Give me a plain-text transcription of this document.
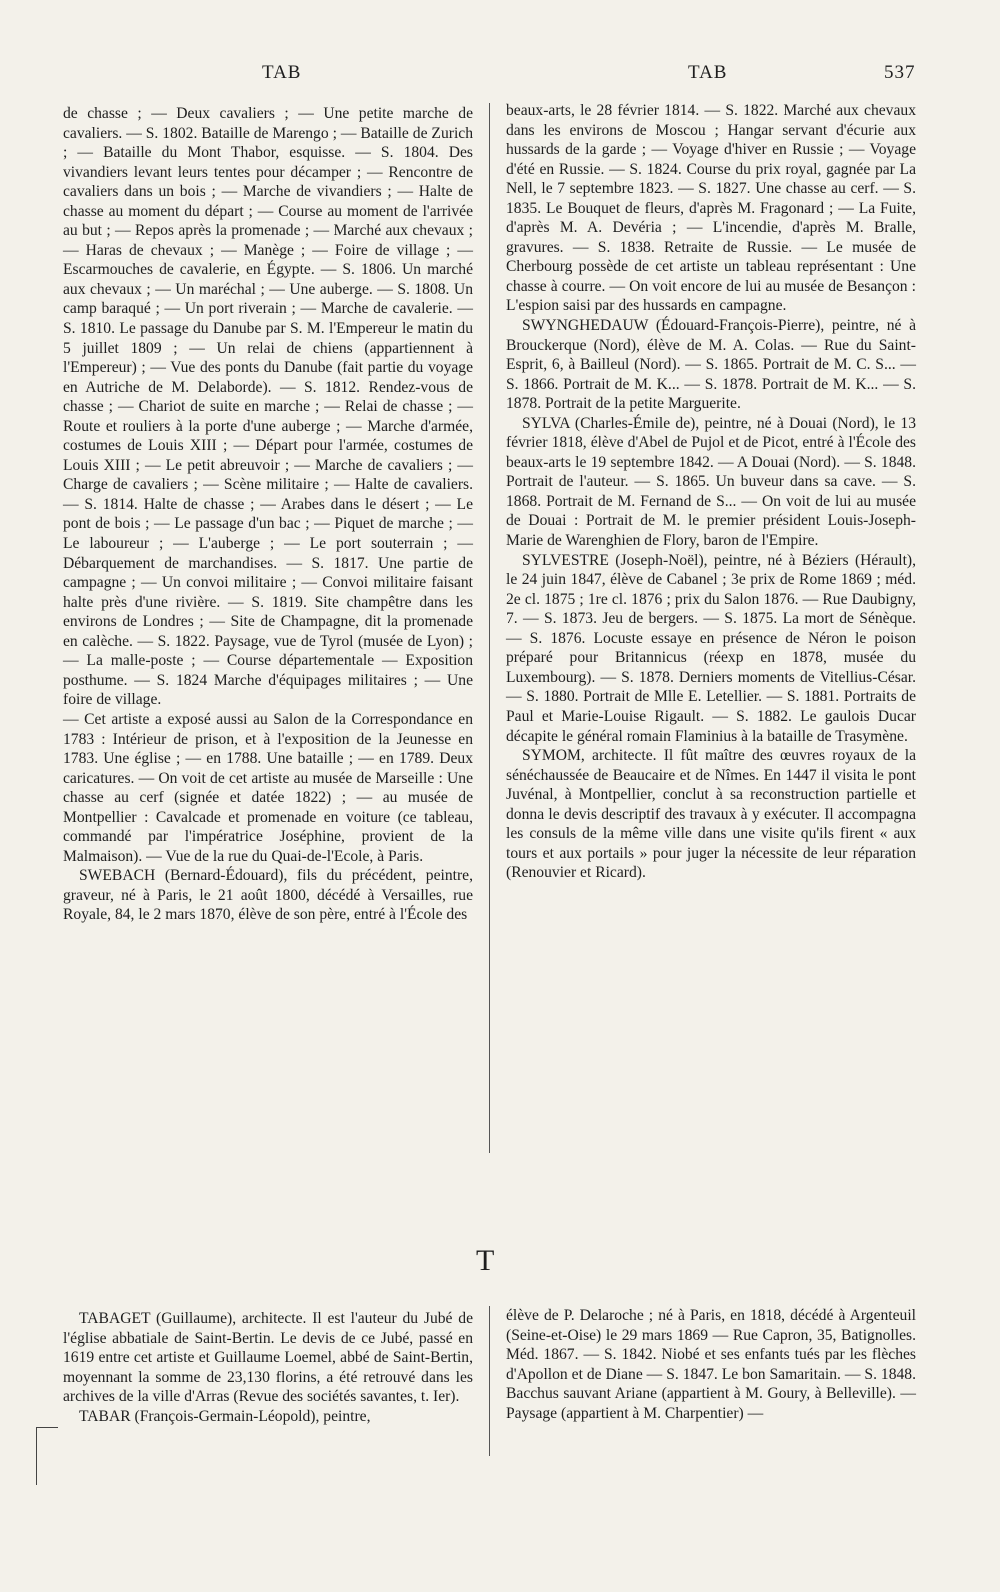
TAB	TAB	537

de chasse ; — Deux cavaliers ; — Une petite marche de cavaliers. — S. 1802. Bataille de Marengo ; — Bataille de Zurich ; — Bataille du Mont Thabor, esquisse. — S. 1804. Des vivandiers levant leurs tentes pour décamper ; — Rencontre de cavaliers dans un bois ; — Marche de vivandiers ; — Halte de chasse au moment du départ ; — Course au moment de l'arrivée au but ; — Repos après la promenade ; — Marché aux chevaux ; — Haras de chevaux ; — Manège ; — Foire de village ; — Escarmouches de cavalerie, en Égypte. — S. 1806. Un marché aux chevaux ; — Un maréchal ; — Une auberge. — S. 1808. Un camp baraqué ; — Un port riverain ; — Marche de cavalerie. — S. 1810. Le passage du Danube par S. M. l'Empereur le matin du 5 juillet 1809 ; — Un relai de chiens (appartiennent à l'Empereur) ; — Vue des ponts du Danube (fait partie du voyage en Autriche de M. Delaborde). — S. 1812. Rendez-vous de chasse ; — Chariot de suite en marche ; — Relai de chasse ; — Route et rouliers à la porte d'une auberge ; — Marche d'armée, costumes de Louis XIII ; — Départ pour l'armée, costumes de Louis XIII ; — Le petit abreuvoir ; — Marche de cavaliers ; — Charge de cavaliers ; — Scène militaire ; — Halte de cavaliers. — S. 1814. Halte de chasse ; — Arabes dans le désert ; — Le pont de bois ; — Le passage d'un bac ; — Piquet de marche ; — Le laboureur ; — L'auberge ; — Le port souterrain ; — Débarquement de marchandises. — S. 1817. Une partie de campagne ; — Un convoi militaire ; — Convoi militaire faisant halte près d'une rivière. — S. 1819. Site champêtre dans les environs de Londres ; — Site de Champagne, dit la promenade en calèche. — S. 1822. Paysage, vue de Tyrol (musée de Lyon) ; — La malle-poste ; — Course départementale — Exposition posthume. — S. 1824 Marche d'équipages militaires ; — Une foire de village.

— Cet artiste a exposé aussi au Salon de la Correspondance en 1783 : Intérieur de prison, et à l'exposition de la Jeunesse en 1783. Une église ; — en 1788. Une bataille ; — en 1789. Deux caricatures. — On voit de cet artiste au musée de Marseille : Une chasse au cerf (signée et datée 1822) ; — au musée de Montpellier : Cavalcade et promenade en voiture (ce tableau, commandé par l'impératrice Joséphine, provient de la Malmaison). — Vue de la rue du Quai-de-l'Ecole, à Paris.

SWEBACH (Bernard-Édouard), fils du précédent, peintre, graveur, né à Paris, le 21 août 1800, décédé à Versailles, rue Royale, 84, le 2 mars 1870, élève de son père, entré à l'École des

beaux-arts, le 28 février 1814. — S. 1822. Marché aux chevaux dans les environs de Moscou ; Hangar servant d'écurie aux hussards de la garde ; — Voyage d'hiver en Russie ; — Voyage d'été en Russie. — S. 1824. Course du prix royal, gagnée par La Nell, le 7 septembre 1823. — S. 1827. Une chasse au cerf. — S. 1835. Le Bouquet de fleurs, d'après M. Fragonard ; — La Fuite, d'après M. A. Devéria ; — L'incendie, d'après M. Bralle, gravures. — S. 1838. Retraite de Russie. — Le musée de Cherbourg possède de cet artiste un tableau représentant : Une chasse à courre. — On voit encore de lui au musée de Besançon : L'espion saisi par des hussards en campagne.

SWYNGHEDAUW (Édouard-François-Pierre), peintre, né à Brouckerque (Nord), élève de M. A. Colas. — Rue du Saint-Esprit, 6, à Bailleul (Nord). — S. 1865. Portrait de M. C. S... — S. 1866. Portrait de M. K... — S. 1878. Portrait de M. K... — S. 1878. Portrait de la petite Marguerite.

SYLVA (Charles-Émile de), peintre, né à Douai (Nord), le 13 février 1818, élève d'Abel de Pujol et de Picot, entré à l'École des beaux-arts le 19 septembre 1842. — A Douai (Nord). — S. 1848. Portrait de l'auteur. — S. 1865. Un buveur dans sa cave. — S. 1868. Portrait de M. Fernand de S... — On voit de lui au musée de Douai : Portrait de M. le premier président Louis-Joseph-Marie de Warenghien de Flory, baron de l'Empire.

SYLVESTRE (Joseph-Noël), peintre, né à Béziers (Hérault), le 24 juin 1847, élève de Cabanel ; 3e prix de Rome 1869 ; méd. 2e cl. 1875 ; 1re cl. 1876 ; prix du Salon 1876. — Rue Daubigny, 7. — S. 1873. Jeu de bergers. — S. 1875. La mort de Sénèque. — S. 1876. Locuste essaye en présence de Néron le poison préparé pour Britannicus (réexp en 1878, musée du Luxembourg). — S. 1878. Derniers moments de Vitellius-César. — S. 1880. Portrait de Mlle E. Letellier. — S. 1881. Portraits de Paul et Marie-Louise Rigault. — S. 1882. Le gaulois Ducar décapite le général romain Flaminius à la bataille de Trasymène.

SYMOM, architecte. Il fût maître des œuvres royaux de la sénéchaussée de Beaucaire et de Nîmes. En 1447 il visita le pont Juvénal, à Montpellier, conclut à sa reconstruction partielle et donna le devis descriptif des travaux à y exécuter. Il accompagna les consuls de la même ville dans une visite qu'ils firent « aux tours et aux portails » pour juger la nécessite de leur réparation (Renouvier et Ricard).

T

TABAGET (Guillaume), architecte. Il est l'auteur du Jubé de l'église abbatiale de Saint-Bertin. Le devis de ce Jubé, passé en 1619 entre cet artiste et Guillaume Loemel, abbé de Saint-Bertin, moyennant la somme de 23,130 florins, a été retrouvé dans les archives de la ville d'Arras (Revue des sociétés savantes, t. Ier).

TABAR (François-Germain-Léopold), peintre,

élève de P. Delaroche ; né à Paris, en 1818, décédé à Argenteuil (Seine-et-Oise) le 29 mars 1869 — Rue Capron, 35, Batignolles. Méd. 1867. — S. 1842. Niobé et ses enfants tués par les flèches d'Apollon et de Diane — S. 1847. Le bon Samaritain. — S. 1848. Bacchus sauvant Ariane (appartient à M. Goury, à Belleville). — Paysage (appartient à M. Charpentier) —
